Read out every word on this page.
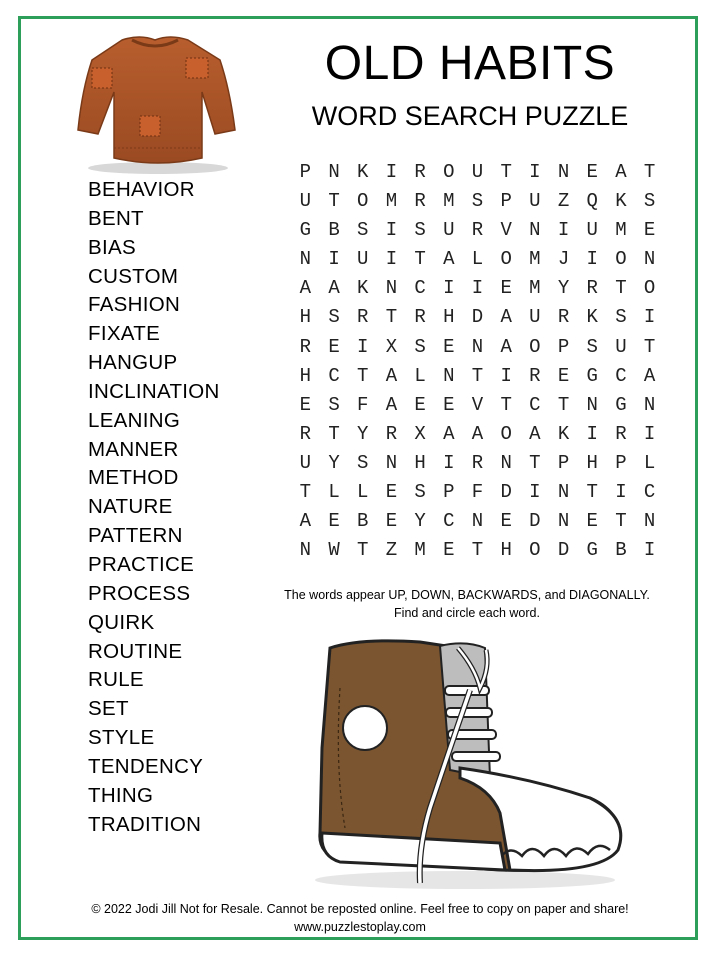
OLD HABITS
WORD SEARCH PUZZLE
BEHAVIOR
BENT
BIAS
CUSTOM
FASHION
FIXATE
HANGUP
INCLINATION
LEANING
MANNER
METHOD
NATURE
PATTERN
PRACTICE
PROCESS
QUIRK
ROUTINE
RULE
SET
STYLE
TENDENCY
THING
TRADITION
P N K I R O U T I N E A T
U T O M R M S P U Z Q K S
G B S I S U R V N I U M E
N I U I T A L O M J I O N
A A K N C I I E M Y R T O
H S R T R H D A U R K S I
R E I X S E N A O P S U T
H C T A L N T I R E G C A
E S F A E E V T C T N G N
R T Y R X A A O A K I R I
U Y S N H I R N T P H P L
T L L E S P F D I N T I C
A E B E Y C N E D N E T N
N W T Z M E T H O D G B I
The words appear UP, DOWN, BACKWARDS, and DIAGONALLY.
Find and circle each word.
© 2022 Jodi Jill Not for Resale. Cannot be reposted online. Feel free to copy on paper and share!
www.puzzlestoplay.com
